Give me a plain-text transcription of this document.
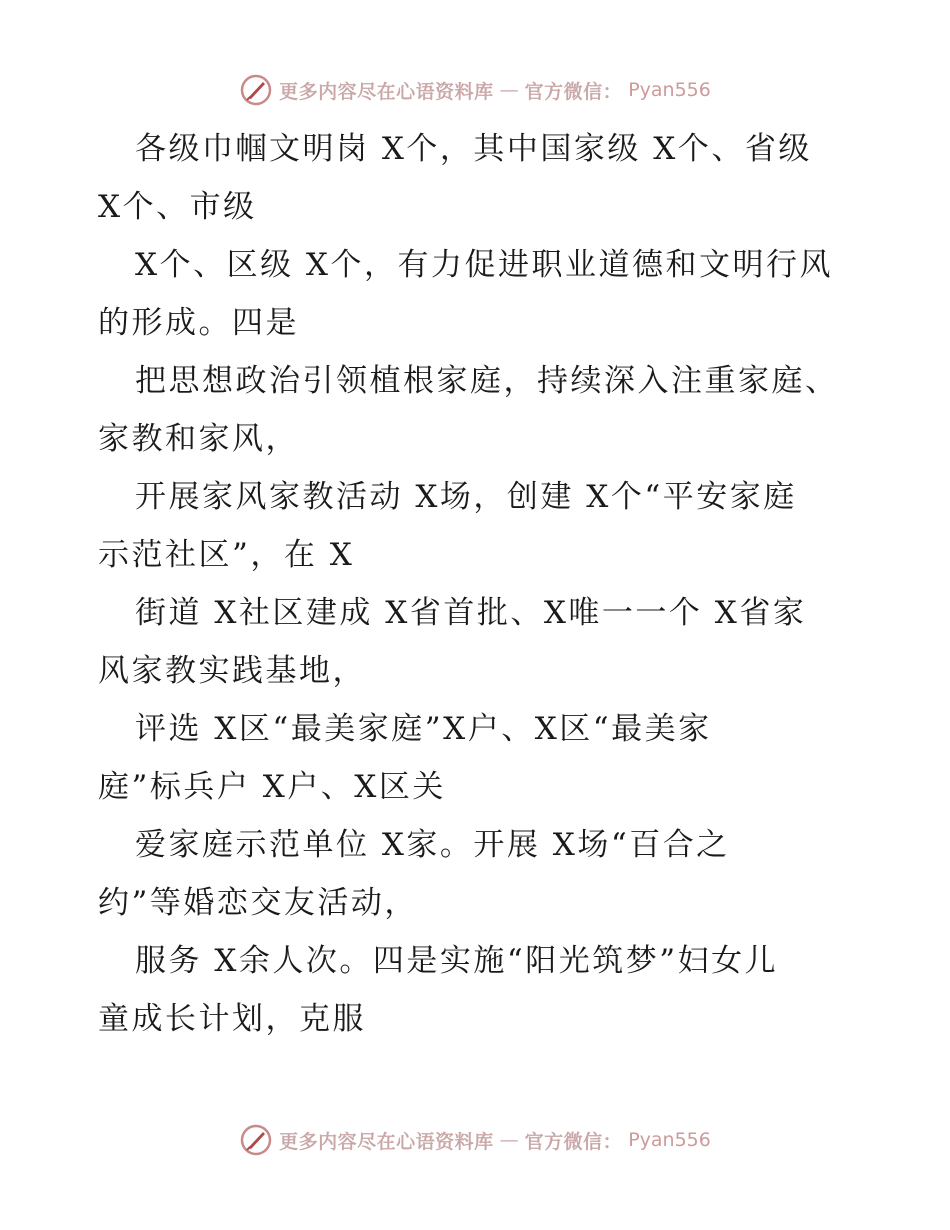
更多内容尽在心语资料库 — 官方微信： Pyan556

各级巾帼文明岗 X个，其中国家级 X个、省级
X个、市级

X个、区级 X个，有力促进职业道德和文明行风
的形成。四是

把思想政治引领植根家庭，持续深入注重家庭、
家教和家风，

开展家风家教活动 X场，创建 X个“平安家庭
示范社区”，在 X

街道 X社区建成 X省首批、X唯一一个 X省家
风家教实践基地，

评选 X区“最美家庭”X户、X区“最美家
庭”标兵户 X户、X区关

爱家庭示范单位 X家。开展 X场“百合之
约”等婚恋交友活动，

服务 X余人次。四是实施“阳光筑梦”妇女儿
童成长计划，克服

更多内容尽在心语资料库 — 官方微信： Pyan556
